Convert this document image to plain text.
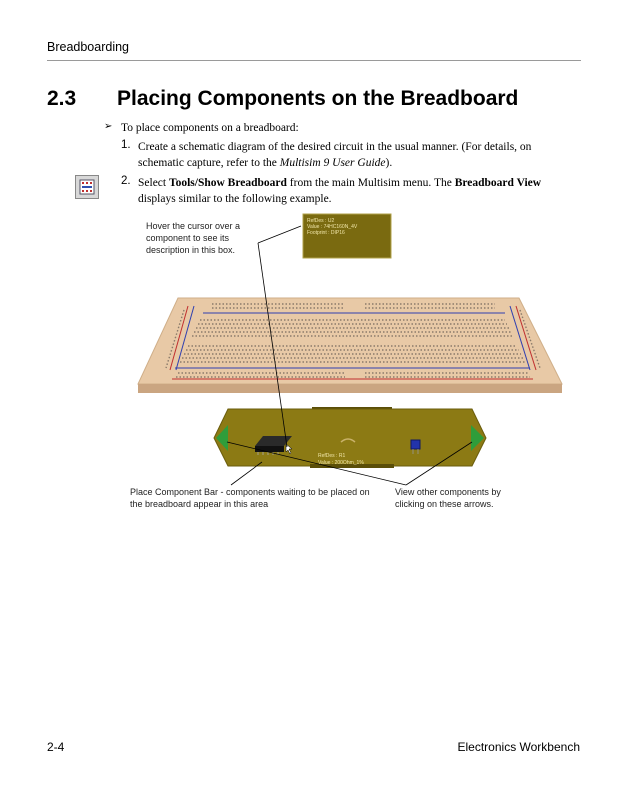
Breadboarding
2.3 Placing Components on the Breadboard
➢ To place components on a breadboard:
1. Create a schematic diagram of the desired circuit in the usual manner. (For details, on schematic capture, refer to the Multisim 9 User Guide).
2. Select Tools/Show Breadboard from the main Multisim menu. The Breadboard View displays similar to the following example.
RefDes : U2
Value : 74HC160N_4V
Footprint : DIP16
RefDes : R1
Value : 200Ohm_1%
Hover the cursor over a component to see its description in this box.
Place Component Bar - components waiting to be placed on the breadboard appear in this area
View other components by clicking on these arrows.
2-4	Electronics Workbench
